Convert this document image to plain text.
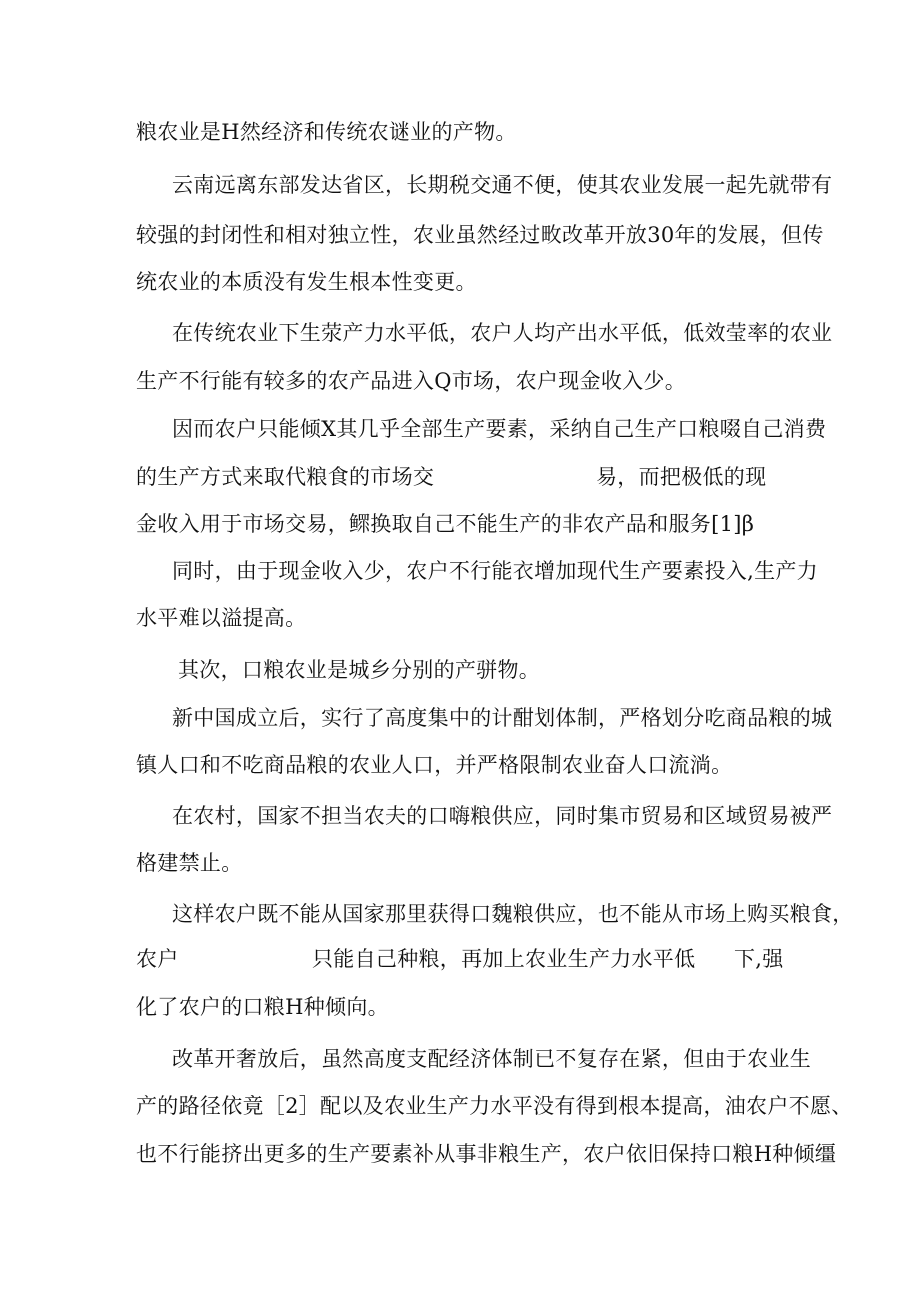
粮农业是H然经济和传统农谜业的产物。
云南远离东部发达省区，长期税交通不便，使其农业发展一起先就带有
较强的封闭性和相对独立性，农业虽然经过畋改革开放30年的发展，但传
统农业的本质没有发生根本性变更。
在传统农业下生荥产力水平低，农户人均产出水平低，低效莹率的农业
生产不行能有较多的农产品进入Q市场，农户现金收入少。
因而农户只能倾X其几乎全部生产要素，采纳自己生产口粮啜自己消费
的生产方式来取代粮食的市场交	易，而把极低的现
金收入用于市场交易，鳏换取自己不能生产的非农产品和服务[1]β
同时，由于现金收入少，农户不行能衣增加现代生产要素投入,生产力
水平难以溢提高。
其次，口粮农业是城乡分别的产骈物。
新中国成立后，实行了高度集中的计酣划体制，严格划分吃商品粮的城
镇人口和不吃商品粮的农业人口，并严格限制农业奋人口流淌。
在农村，国家不担当农夫的口嗨粮供应，同时集市贸易和区域贸易被严
格建禁止。
这样农户既不能从国家那里获得口魏粮供应，也不能从市场上购买粮食，
农户	只能自己种粮，再加上农业生产力水平低 下,强
化了农户的口粮H种倾向。
改革开奢放后，虽然高度支配经济体制已不复存在紧，但由于农业生
产的路径依竟［2］配以及农业生产力水平没有得到根本提高，油农户不愿、
也不行能挤出更多的生产要素补从事非粮生产，农户依旧保持口粮H种倾缰
